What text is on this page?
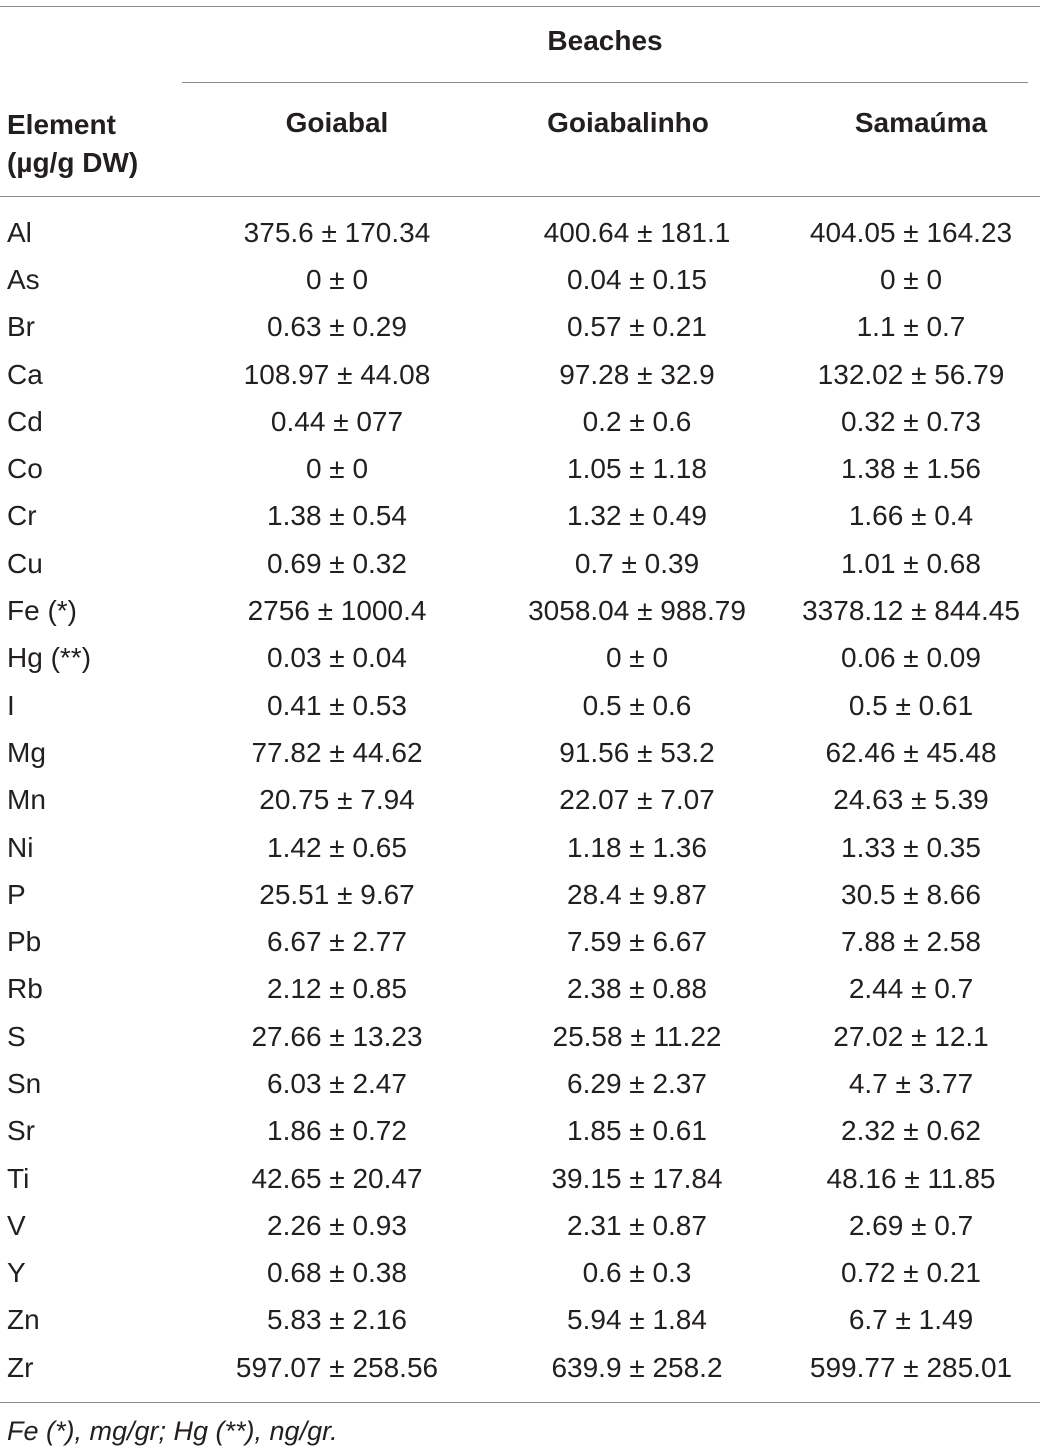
Beaches
Element
(µg/g DW)
Goiabal	Goiabalinho	Samaúma
Al	375.6 ± 170.34	400.64 ± 181.1	404.05 ± 164.23
As	0 ± 0	0.04 ± 0.15	0 ± 0
Br	0.63 ± 0.29	0.57 ± 0.21	1.1 ± 0.7
Ca	108.97 ± 44.08	97.28 ± 32.9	132.02 ± 56.79
Cd	0.44 ± 077	0.2 ± 0.6	0.32 ± 0.73
Co	0 ± 0	1.05 ± 1.18	1.38 ± 1.56
Cr	1.38 ± 0.54	1.32 ± 0.49	1.66 ± 0.4
Cu	0.69 ± 0.32	0.7 ± 0.39	1.01 ± 0.68
Fe (*)	2756 ± 1000.4	3058.04 ± 988.79	3378.12 ± 844.45
Hg (**)	0.03 ± 0.04	0 ± 0	0.06 ± 0.09
I	0.41 ± 0.53	0.5 ± 0.6	0.5 ± 0.61
Mg	77.82 ± 44.62	91.56 ± 53.2	62.46 ± 45.48
Mn	20.75 ± 7.94	22.07 ± 7.07	24.63 ± 5.39
Ni	1.42 ± 0.65	1.18 ± 1.36	1.33 ± 0.35
P	25.51 ± 9.67	28.4 ± 9.87	30.5 ± 8.66
Pb	6.67 ± 2.77	7.59 ± 6.67	7.88 ± 2.58
Rb	2.12 ± 0.85	2.38 ± 0.88	2.44 ± 0.7
S	27.66 ± 13.23	25.58 ± 11.22	27.02 ± 12.1
Sn	6.03 ± 2.47	6.29 ± 2.37	4.7 ± 3.77
Sr	1.86 ± 0.72	1.85 ± 0.61	2.32 ± 0.62
Ti	42.65 ± 20.47	39.15 ± 17.84	48.16 ± 11.85
V	2.26 ± 0.93	2.31 ± 0.87	2.69 ± 0.7
Y	0.68 ± 0.38	0.6 ± 0.3	0.72 ± 0.21
Zn	5.83 ± 2.16	5.94 ± 1.84	6.7 ± 1.49
Zr	597.07 ± 258.56	639.9 ± 258.2	599.77 ± 285.01
Fe (*), mg/gr; Hg (**), ng/gr.
